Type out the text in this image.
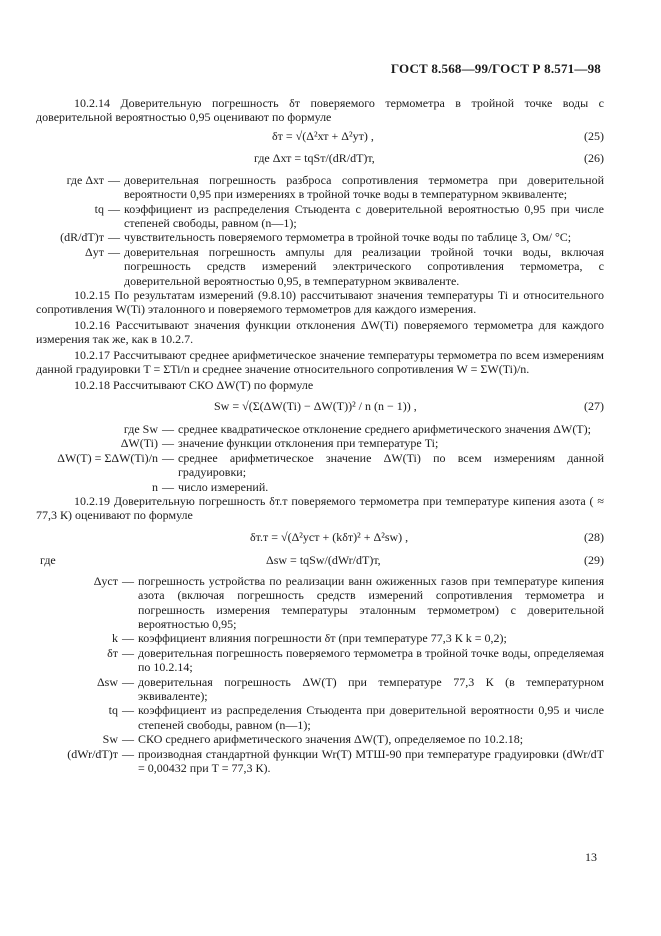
ГОСТ 8.568—99/ГОСТ Р 8.571—98

10.2.14 Доверительную погрешность δт поверяемого термометра в тройной точке воды с доверительной вероятностью 0,95 оценивают по формуле

δт = √(Δ²хт + Δ²ут) ,	(25)
где Δхт = tqSт/(dR/dT)т,	(26)
где Δхт — доверительная погрешность разброса сопротивления термометра при доверительной вероятности 0,95 при измерениях в тройной точке воды в температурном эквиваленте;
tq — коэффициент из распределения Стьюдента с доверительной вероятностью 0,95 при числе степеней свободы, равном (n—1);
(dR/dT)т — чувствительность поверяемого термометра в тройной точке воды по таблице 3, Ом/ °С;
Δут — доверительная погрешность ампулы для реализации тройной точки воды, включая погрешность средств измерений электрического сопротивления термометра, с доверительной вероятностью 0,95, в температурном эквиваленте.

10.2.15 По результатам измерений (9.8.10) рассчитывают значения температуры Ti и относительного сопротивления W(Ti) эталонного и поверяемого термометров для каждого измерения.

10.2.16 Рассчитывают значения функции отклонения ΔW(Ti) поверяемого термометра для каждого измерения так же, как в 10.2.7.

10.2.17 Рассчитывают среднее арифметическое значение температуры термометра по всем измерениям данной градуировки T = ΣTi/n и среднее значение относительного сопротивления W = ΣW(Ti)/n.

10.2.18 Рассчитывают СКО ΔW(T) по формуле

Sw = √(Σ(ΔW(Ti) − ΔW(T))² / n (n − 1)) ,	(27)
где Sw — среднее квадратическое отклонение среднего арифметического значения ΔW(T);
ΔW(Ti) — значение функции отклонения при температуре Ti;
ΔW(T) = ΣΔW(Ti)/n — среднее арифметическое значение ΔW(Ti) по всем измерениям данной градуировки;
n — число измерений.

10.2.19 Доверительную погрешность δт.т поверяемого термометра при температуре кипения азота ( ≈ 77,3 К) оценивают по формуле

δт.т = √(Δ²уст + (kδт)² + Δ²sw) ,	(28)
где	Δsw = tqSw/(dWr/dT)т,	(29)
Δуст — погрешность устройства по реализации ванн ожиженных газов при температуре кипения азота (включая погрешность средств измерений сопротивления термометра и погрешность измерения температуры эталонным термометром) с доверительной вероятностью 0,95;
k — коэффициент влияния погрешности δт (при температуре 77,3 К k = 0,2);
δт — доверительная погрешность поверяемого термометра в тройной точке воды, определяемая по 10.2.14;
Δsw — доверительная погрешность ΔW(T) при температуре 77,3 К (в температурном эквиваленте);
tq — коэффициент из распределения Стьюдента при доверительной вероятности 0,95 и числе степеней свободы, равном (n—1);
Sw — СКО среднего арифметического значения ΔW(T), определяемое по 10.2.18;
(dWr/dT)т — производная стандартной функции Wr(T) МТШ-90 при температуре градуировки (dWr/dT = 0,00432 при T = 77,3 К).
13
